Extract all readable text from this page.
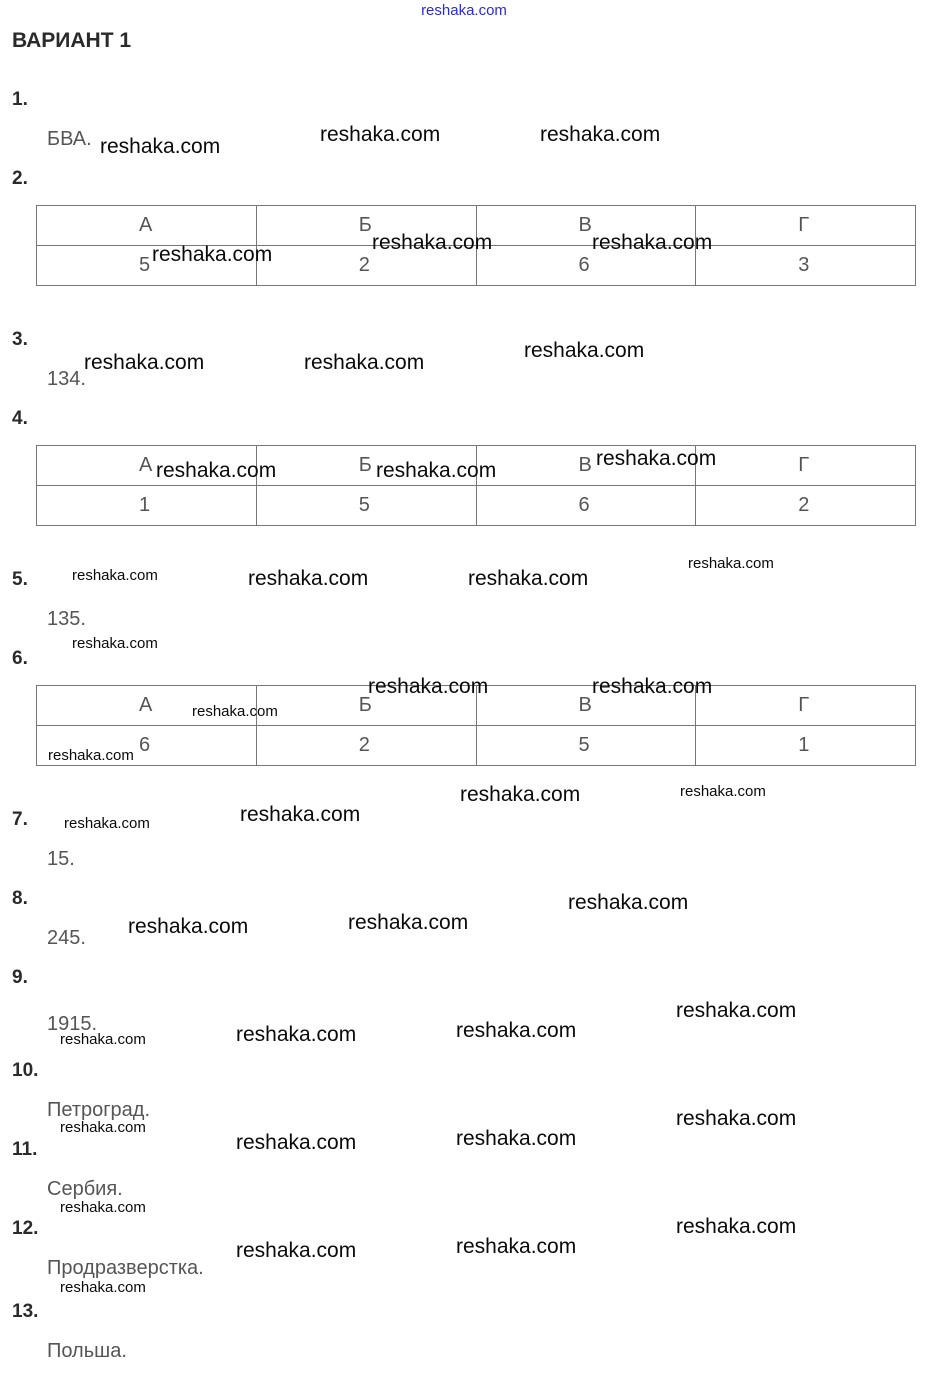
reshaka.com
ВАРИАНТ 1
1.
БВА.
2.
А	Б	В	Г
5	2	6	3
3.
134.
4.
А	Б	В	Г
1	5	6	2
5.
135.
6.
А	Б	В	Г
6	2	5	1
7.
15.
8.
245.
9.
1915.
10.
Петроград.
11.
Сербия.
12.
Продразверстка.
13.
Польша.
reshaka.com
reshaka.com	reshaka.com
reshaka.com
reshaka.com	reshaka.com
reshaka.com	reshaka.com
reshaka.com
reshaka.com	reshaka.com
reshaka.com
reshaka.com	reshaka.com	reshaka.com
reshaka.com
reshaka.com
reshaka.com	reshaka.com
reshaka.com
reshaka.com
reshaka.com	reshaka.com
reshaka.com
reshaka.com
reshaka.com
reshaka.com
reshaka.com
reshaka.com
reshaka.com
reshaka.com
reshaka.com
reshaka.com
reshaka.com	reshaka.com
reshaka.com
reshaka.com
reshaka.com
reshaka.com
reshaka.com
reshaka.com
